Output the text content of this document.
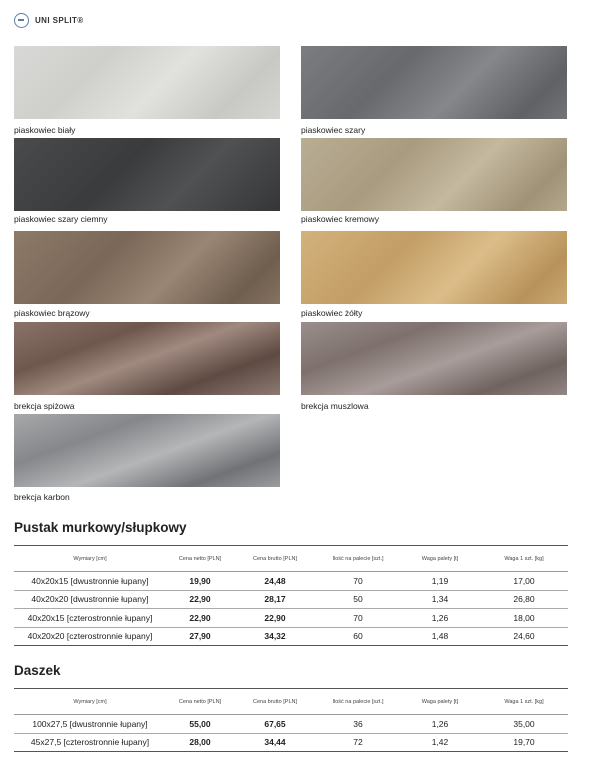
UNI SPLIT®
piaskowiec biały	piaskowiec szary
piaskowiec szary ciemny	piaskowiec kremowy
piaskowiec brązowy	piaskowiec żółty
brekcja spiżowa	brekcja muszlowa
brekcja karbon
Pustak murkowy/słupkowy
Wymiary [cm]	Cena netto [PLN]	Cena brutto [PLN]	Ilość na palecie [szt.]	Waga palety [t]	Waga 1 szt. [kg]
40x20x15 [dwustronnie łupany]	19,90	24,48	70	1,19	17,00
40x20x20 [dwustronnie łupany]	22,90	28,17	50	1,34	26,80
40x20x15 [czterostronnie łupany]	22,90	22,90	70	1,26	18,00
40x20x20 [czterostronnie łupany]	27,90	34,32	60	1,48	24,60
Daszek
Wymiary [cm]	Cena netto [PLN]	Cena brutto [PLN]	Ilość na palecie [szt.]	Waga palety [t]	Waga 1 szt. [kg]
100x27,5 [dwustronnie łupany]	55,00	67,65	36	1,26	35,00
45x27,5 [czterostronnie łupany]	28,00	34,44	72	1,42	19,70
